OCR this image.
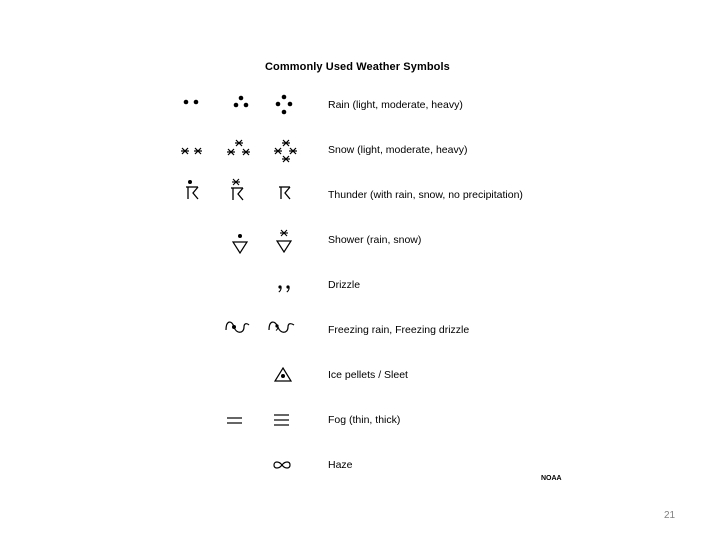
Commonly Used Weather Symbols
Rain (light, moderate, heavy)
Snow (light, moderate, heavy)
Thunder (with rain, snow, no precipitation)
Shower (rain, snow)
Drizzle
Freezing rain, Freezing drizzle
Ice pellets / Sleet
Fog (thin, thick)
Haze
NOAA
21
